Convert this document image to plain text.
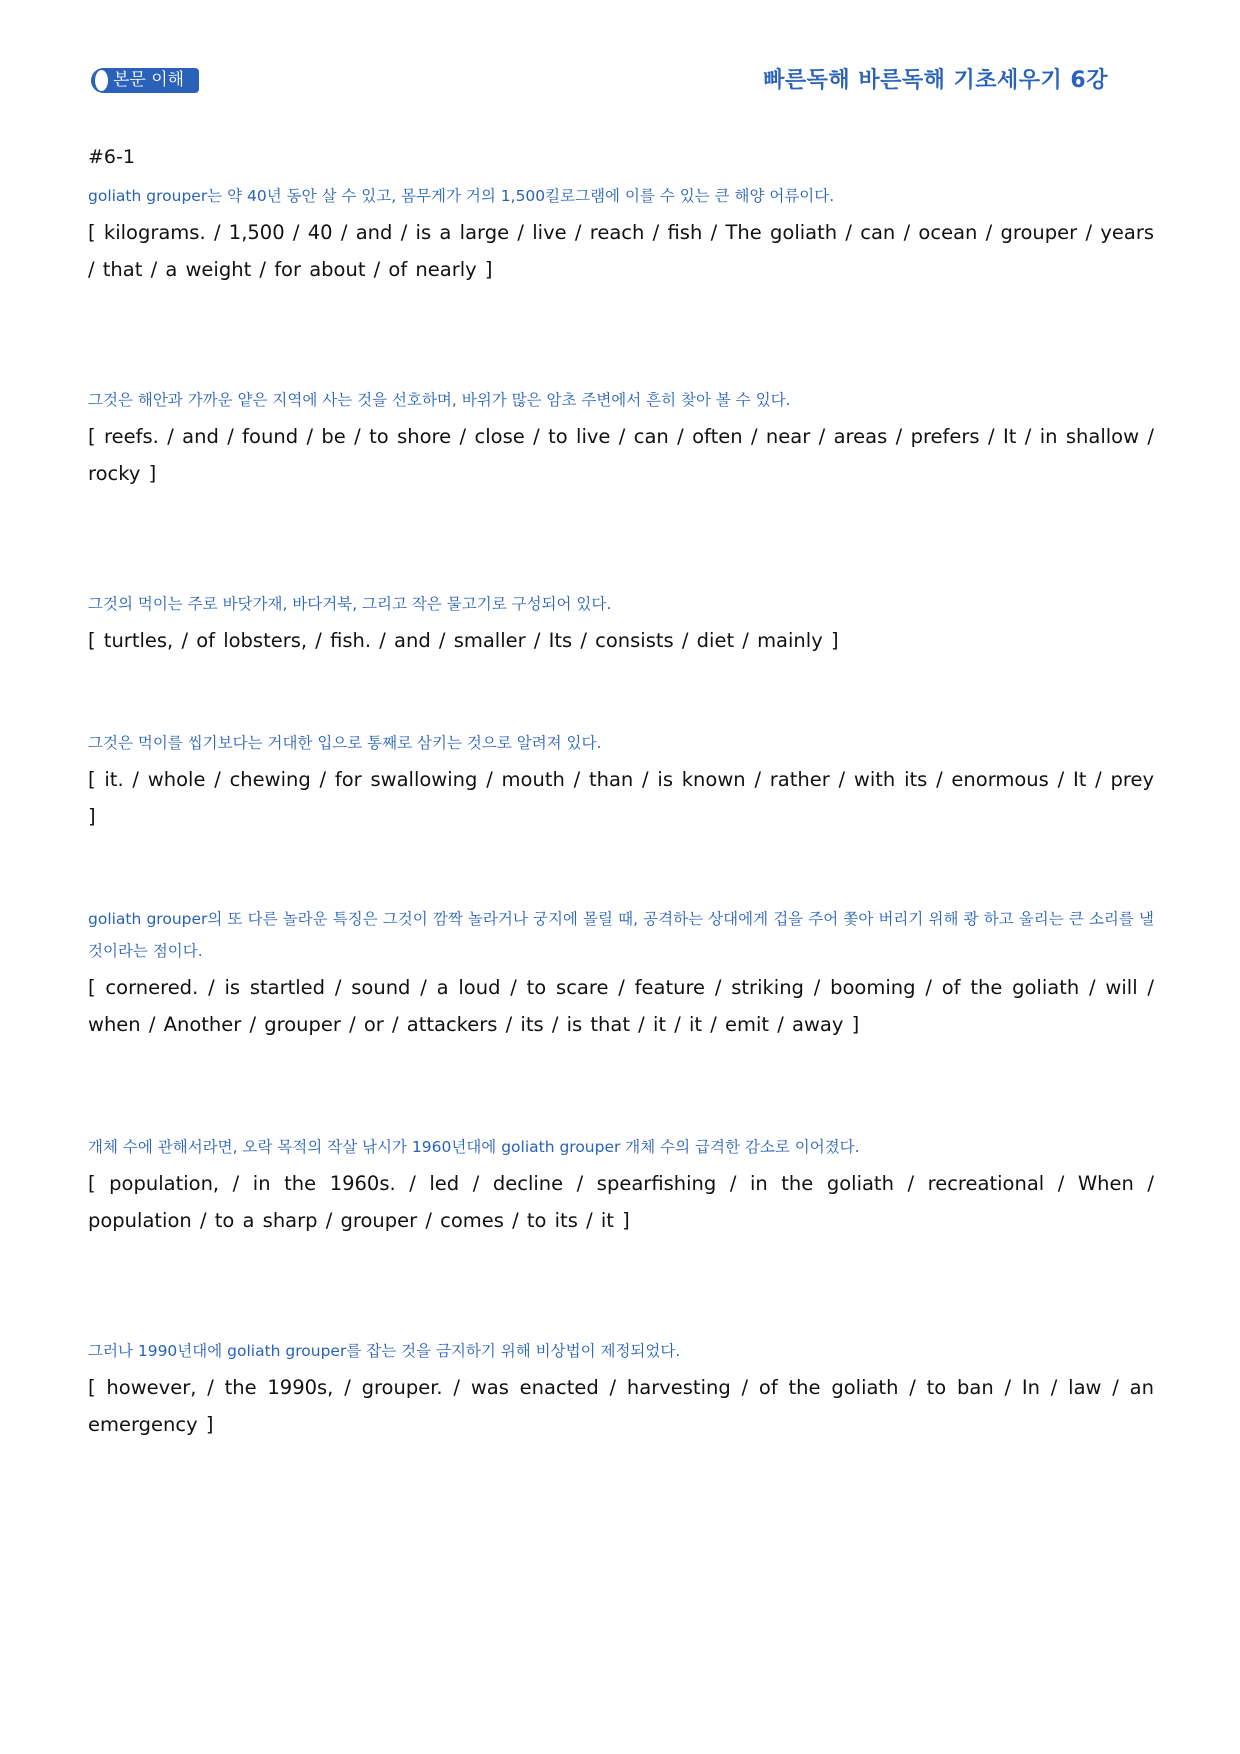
본문 이해	빠른독해 바른독해 기초세우기 6강
#6-1
goliath grouper는 약 40년 동안 살 수 있고, 몸무게가 거의 1,500킬로그램에 이를 수 있는 큰 해양 어류이다.
[ kilograms. / 1,500 / 40 / and / is a large / live / reach / fish / The goliath / can / ocean / grouper / years / that / a weight / for about / of nearly ]
그것은 해안과 가까운 얕은 지역에 사는 것을 선호하며, 바위가 많은 암초 주변에서 흔히 찾아 볼 수 있다.
[ reefs. / and / found / be / to shore / close / to live / can / often / near / areas / prefers / It / in shallow / rocky ]
그것의 먹이는 주로 바닷가재, 바다거북, 그리고 작은 물고기로 구성되어 있다.
[ turtles, / of lobsters, / fish. / and / smaller / Its / consists / diet / mainly ]
그것은 먹이를 씹기보다는 거대한 입으로 통째로 삼키는 것으로 알려져 있다.
[ it. / whole / chewing / for swallowing / mouth / than / is known / rather / with its / enormous / It / prey ]
goliath grouper의 또 다른 놀라운 특징은 그것이 깜짝 놀라거나 궁지에 몰릴 때, 공격하는 상대에게 겁을 주어 쫓아 버리기 위해 쾅 하고 울리는 큰 소리를 낼 것이라는 점이다.
[ cornered. / is startled / sound / a loud / to scare / feature / striking / booming / of the goliath / will / when / Another / grouper / or / attackers / its / is that / it / it / emit / away ]
개체 수에 관해서라면, 오락 목적의 작살 낚시가 1960년대에 goliath grouper 개체 수의 급격한 감소로 이어졌다.
[ population, / in the 1960s. / led / decline / spearfishing / in the goliath / recreational / When / population / to a sharp / grouper / comes / to its / it ]
그러나 1990년대에 goliath grouper를 잡는 것을 금지하기 위해 비상법이 제정되었다.
[ however, / the 1990s, / grouper. / was enacted / harvesting / of the goliath / to ban / In / law / an emergency ]
